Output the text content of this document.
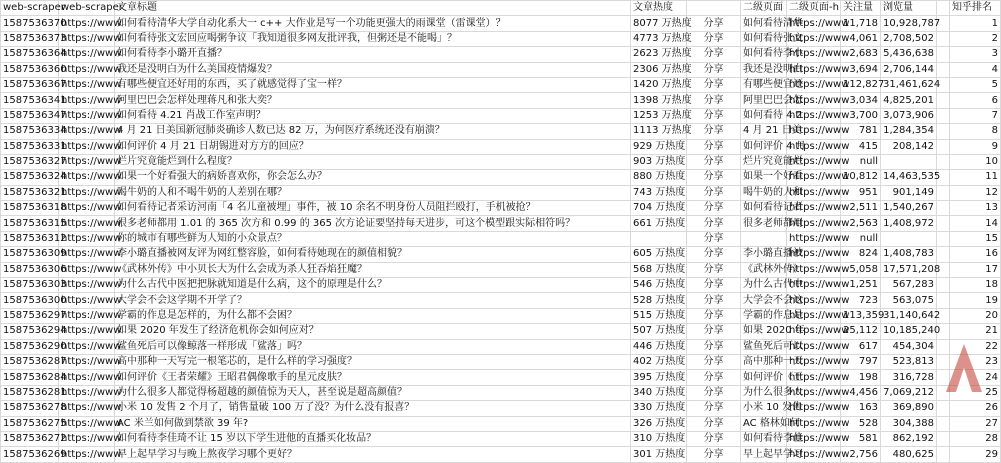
web-scraper	web-scraper	文章标题	文章热度		二级页面	二级页面-h	关注量	浏览量		知乎排名
1587536370	https://www	如何看待清华大学自动化系大一 c++ 大作业是写一个功能更强大的雨课堂（雷课堂）？	8077 万热度	分享	如何看待清华	https://www	11,718	10,928,787		1
1587536373	https://www	如何看待张文宏回应喝粥争议「我知道很多网友批评我，但粥还是不能喝」？	4773 万热度	分享	如何看待张文	https://www	4,061	2,708,502		2
1587536364	https://www	如何看待李小璐开直播？	2623 万热度	分享	如何看待李小	https://www	2,683	5,436,638		3
1587536360	https://www	我还是没明白为什么美国疫情爆发？	2306 万热度	分享	我还是没明白	https://www	3,694	2,706,144		4
1587536367	https://www	有哪些便宜还好用的东西，买了就感觉得了宝一样？	1420 万热度	分享	有哪些便宜还	https://www	112,827	31,461,624		5
1587536341	https://www	阿里巴巴会怎样处理蒋凡和张大奕？	1398 万热度	分享	阿里巴巴会怎	https://www	3,034	4,825,201		6
1587536347	https://www	如何看待 4.21 肖战工作室声明？	1253 万热度	分享	如何看待 4.2	https://www	3,700	3,073,906		7
1587536334	https://www	4 月 21 日美国新冠肺炎确诊人数已达 82 万，为何医疗系统还没有崩溃？	1113 万热度	分享	4 月 21 日美	https://www	781	1,284,354		8
1587536331	https://www	如何评价 4 月 21 日胡锡进对方方的回应？	929 万热度	分享	如何评价 4 月	https://www	415	208,142		9
1587536327	https://www	烂片究竟能烂到什么程度？	903 万热度	分享	烂片究竟能烂	https://www	null			10
1587536324	https://www	如果一个好看强大的病娇喜欢你，你会怎么办？	880 万热度	分享	如果一个好看	https://www	10,812	14,463,535		11
1587536321	https://www	喝牛奶的人和不喝牛奶的人差别在哪？	743 万热度	分享	喝牛奶的人和	https://www	951	901,149		12
1587536318	https://www	如何看待记者采访河南「4 名儿童被埋」事件，被 10 余名不明身份人员阻拦殴打，手机被抢？	704 万热度	分享	如何看待记者	https://www	2,511	1,540,267		13
1587536315	https://www	很多老师都用 1.01 的 365 次方和 0.99 的 365 次方论证要坚持每天进步，可这个模型跟实际相符吗？	661 万热度	分享	很多老师都用	https://www	2,563	1,408,972		14
1587536312	https://www	你的城市有哪些鲜为人知的小众景点？		分享		https://www	null			15
1587536309	https://www	李小璐直播被网友评为网红整容脸，如何看待她现在的颜值相貌？	605 万热度	分享	李小璐直播被	https://www	824	1,408,783		16
1587536306	https://www	《武林外传》中小贝长大为什么会成为杀人狂吞焰狂魔？	568 万热度	分享	《武林外传》	https://www	5,058	17,571,208		17
1587536303	https://www	为什么古代中医把把脉就知道是什么病，这个的原理是什么？	546 万热度	分享	为什么古代中	https://www	1,251	567,283		18
1587536300	https://www	大学会不会这学期不开学了？	528 万热度	分享	大学会不会这	https://www	723	563,075		19
1587536297	https://www	学霸的作息是怎样的，为什么都不会困？	515 万热度	分享	学霸的作息是	https://www	113,359	31,140,642		20
1587536294	https://www	如果 2020 年发生了经济危机你会如何应对？	507 万热度	分享	如果 2020 年	https://www	25,112	10,185,240		21
1587536290	https://www	鲨鱼死后可以像鲸落一样形成「鲨落」吗？	446 万热度	分享	鲨鱼死后可以	https://www	617	454,304		22
1587536287	https://www	高中那种一天写完一根笔芯的，是什么样的学习强度？	402 万热度	分享	高中那种一天	https://www	797	523,813		23
1587536284	https://www	如何评价《王者荣耀》王昭君偶像歌手的星元皮肤？	395 万热度	分享	如何评价《王	https://www	198	316,728		24
1587536281	https://www	为什么很多人都觉得杨超越的颜值惊为天人，甚至说是超高颜值？	340 万热度	分享	为什么很多人	https://www	4,456	7,069,212		25
1587536278	https://www	小米 10 发售 2 个月了，销售量破 100 万了没？为什么没有报喜？	330 万热度	分享	小米 10 发售	https://www	163	369,890		26
1587536275	https://www	AC 米兰如何做到禁欲 39 年?	326 万热度	分享	AC 格林如何	https://www	528	304,388		27
1587536272	https://www	如何看待李佳琦不让 15 岁以下学生进他的直播买化妆品？	310 万热度	分享	如何看待李佳	https://www	581	862,192		28
1587536269	https://www	早上起早学习与晚上熬夜学习哪个更好？	301 万热度	分享	早上起早学习	https://www	2,756	480,625		29
